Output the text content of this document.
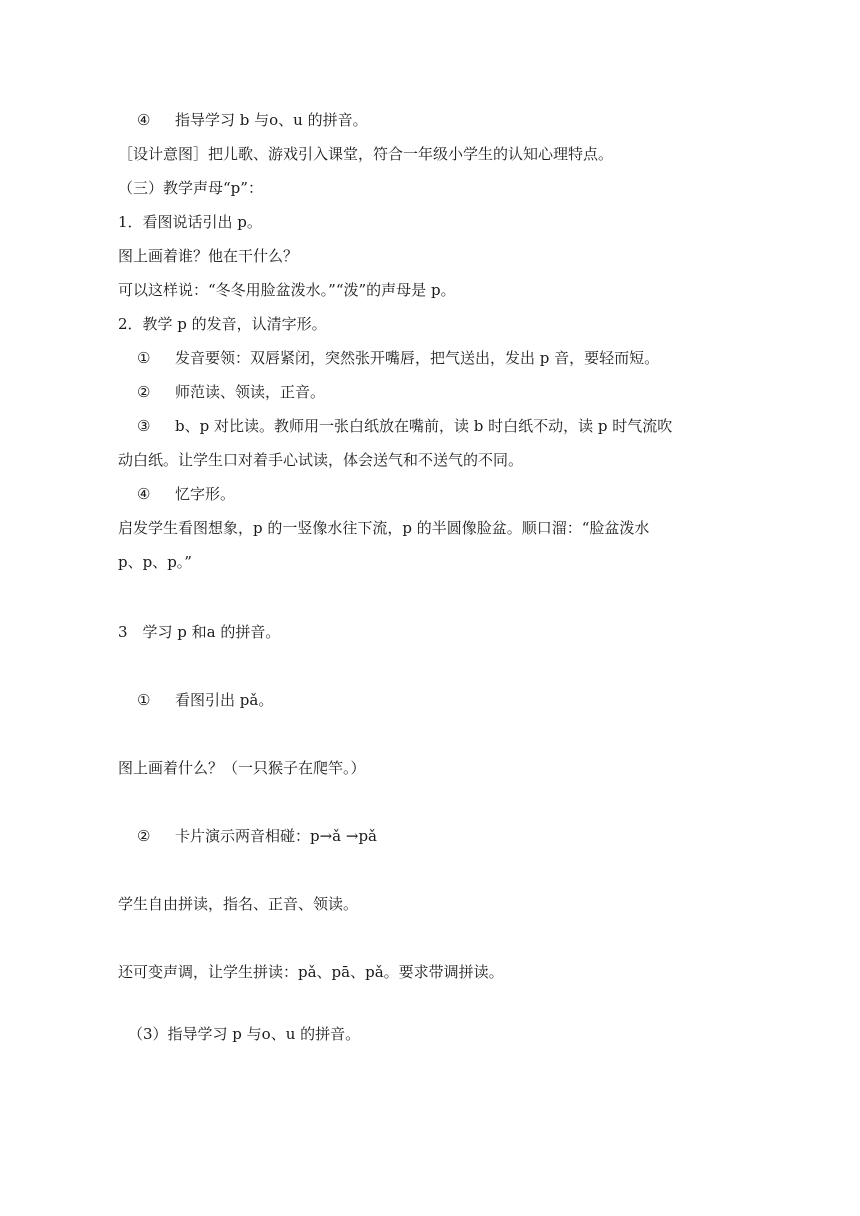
④ 指导学习 b 与o、u 的拼音。
［设计意图］把儿歌、游戏引入课堂，符合一年级小学生的认知心理特点。
（三）教学声母“p”：
1．看图说话引出 p。
图上画着谁？他在干什么？
可以这样说：“冬冬用脸盆泼水。”“泼”的声母是 p。
2．教学 p 的发音，认清字形。
① 发音要领：双唇紧闭，突然张开嘴唇，把气送出，发出 p 音，要轻而短。
② 师范读、领读，正音。
③ b、p 对比读。教师用一张白纸放在嘴前，读 b 时白纸不动，读 p 时气流吹
动白纸。让学生口对着手心试读，体会送气和不送气的不同。
④ 忆字形。
启发学生看图想象，p 的一竖像水往下流，p 的半圆像脸盆。顺口溜：“脸盆泼水
p、p、p。”
3　学习 p 和a 的拼音。
① 看图引出 pǎ。
图上画着什么？（一只猴子在爬竿。）
② 卡片演示两音相碰：p→ǎ →pǎ
学生自由拼读，指名、正音、领读。
还可变声调，让学生拼读：pǎ、pā、pǎ。要求带调拼读。
（3）指导学习 p 与o、u 的拼音。
